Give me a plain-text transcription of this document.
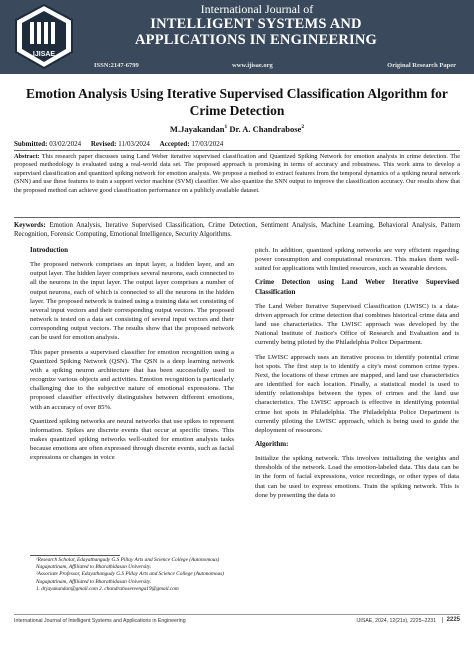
IJISAE
International Journal of
INTELLIGENT SYSTEMS AND APPLICATIONS IN ENGINEERING
ISSN:2147-6799	www.ijisae.org	Original Research Paper
Emotion Analysis Using Iterative Supervised Classification Algorithm for Crime Detection
M.Jayakandan$^1$ Dr. A. Chandrabose$^2$
Submitted: 03/02/2024 Revised: 11/03/2024 Accepted: 17/03/2024
Abstract: This research paper discusses using Land Weber iterative supervised classification and Quantized Spiking Network for emotion analysis in crime detection. The proposed methodology is evaluated using a real-world data set. The proposed approach is promising in terms of accuracy and robustness. This work aims to develop a supervised classification and quantized spiking network for emotion analysis. We propose a method to extract features from the temporal dynamics of a spiking neural network (SNN) and use these features to train a support vector machine (SVM) classifier. We also quantize the SNN output to improve the classification accuracy. Our results show that the proposed method can achieve good classification performance on a publicly available dataset.
Keywords: Emotion Analysis, Iterative Supervised Classification, Crime Detection, Sentiment Analysis, Machine Learning, Behavioral Analysis, Pattern Recognition, Forensic Computing, Emotional Intelligence, Security Algorithms.
Introduction

The proposed network comprises an input layer, a hidden layer, and an output layer. The hidden layer comprises several neurons, each connected to all the neurons in the input layer. The output layer comprises a number of output neurons, each of which is connected to all the neurons in the hidden layer. The proposed network is trained using a training data set consisting of several input vectors and their corresponding output vectors. The proposed network is tested on a data set consisting of several input vectors and their corresponding output vectors. The results show that the proposed network can be used for emotion analysis.

This paper presents a supervised classifier for emotion recognition using a Quantized Spiking Network (QSN). The QSN is a deep learning network with a spiking neuron architecture that has been successfully used to recognize various objects and activities. Emotion recognition is particularly challenging due to the subjective nature of emotional expressions. The proposed classifier effectively distinguishes between different emotions, with an accuracy of over 85%.

Quantized spiking networks are neural networks that use spikes to represent information. Spikes are discrete events that occur at specific times. This makes quantized spiking networks well-suited for emotion analysis tasks because emotions are often expressed through discrete events, such as facial expressions or changes in voice

¹Research Scholar, Edayathangudy G.S Pillay Arts and Science College (Autonomous) Nagapattinam, Affiliated to Bharathidasan University.
²Associate Professor, Edayathangudy G.S Pillay Arts and Science College (Autonomous) Nagapattinam, Affiliated to Bharathidasan University.
1. drjayakandan@gmail.com 2. chandrabosereenga19@gmail.com

pitch. In addition, quantized spiking networks are very efficient regarding power consumption and computational resources. This makes them well-suited for applications with limited resources, such as wearable devices.

Crime Detection using Land Weber Iterative Supervised Classification

The Land Weber Iterative Supervised Classification (LWISC) is a data-driven approach for crime detection that combines historical crime data and land use characteristics. The LWISC approach was developed by the National Institute of Justice's Office of Research and Evaluation and is currently being piloted by the Philadelphia Police Department.

The LWISC approach uses an iterative process to identify potential crime hot spots. The first step is to identify a city's most common crime types. Next, the locations of these crimes are mapped, and land use characteristics are identified for each location. Finally, a statistical model is used to identify relationships between the types of crimes and the land use characteristics. The LWISC approach is effective in identifying potential crime hot spots in Philadelphia. The Philadelphia Police Department is currently piloting the LWISC approach, which is being used to guide the deployment of resources.

Algorithm:

Initialize the spiking network. This involves initializing the weights and thresholds of the network. Load the emotion-labeled data. This data can be in the form of facial expressions, voice recordings, or other types of data that can be used to express emotions. Train the spiking network. This is done by presenting the data to

International Journal of Intelligent Systems and Applications in Engineering	IJISAE, 2024, 12(21s), 2225–2231	2225
